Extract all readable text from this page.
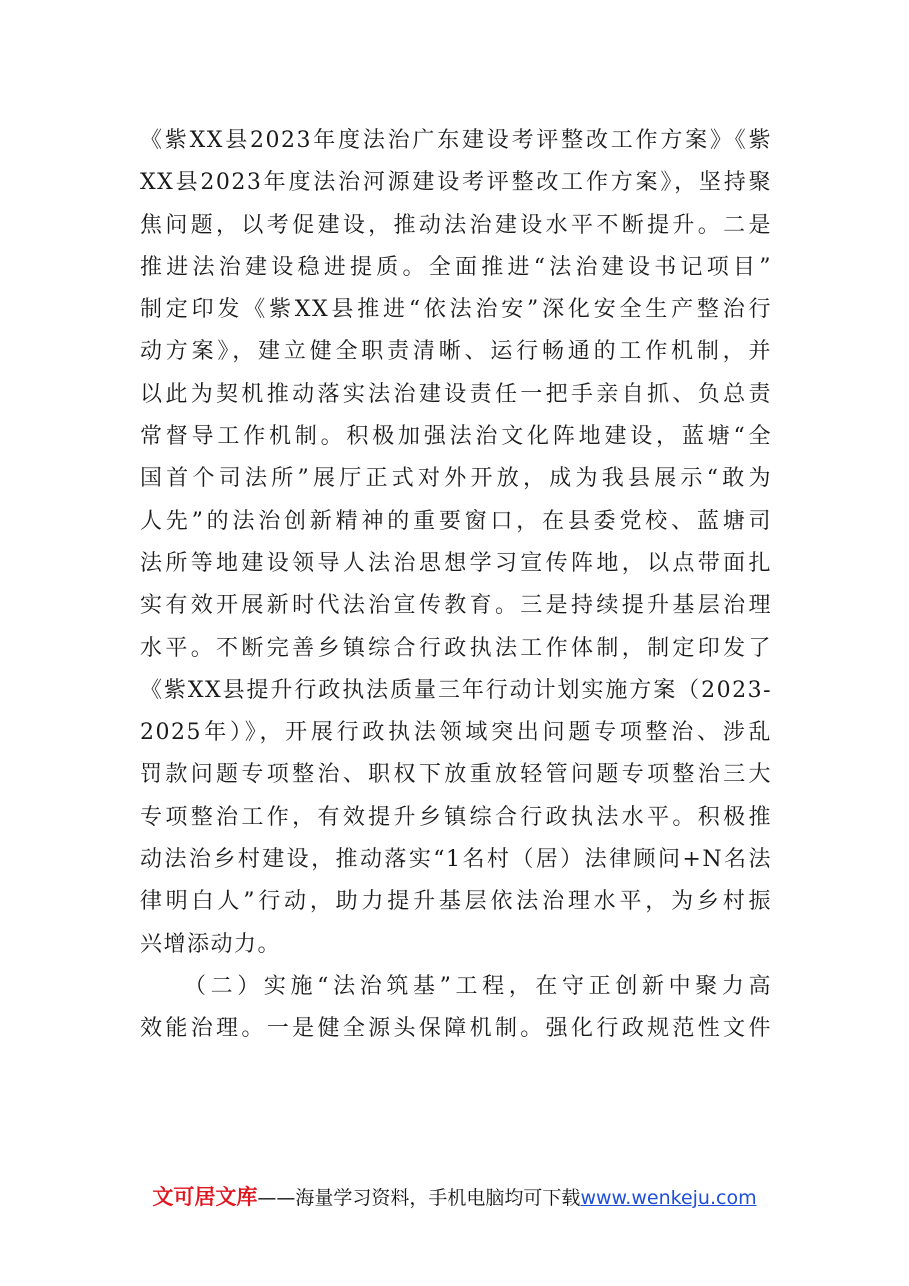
《紫XX县2023年度法治广东建设考评整改工作方案》《紫
XX县2023年度法治河源建设考评整改工作方案》，坚持聚
焦问题，以考促建设，推动法治建设水平不断提升。二是
推进法治建设稳进提质。全面推进“法治建设书记项目”
制定印发《紫XX县推进“依法治安”深化安全生产整治行
动方案》，建立健全职责清晰、运行畅通的工作机制，并
以此为契机推动落实法治建设责任一把手亲自抓、负总责
常督导工作机制。积极加强法治文化阵地建设，蓝塘“全
国首个司法所”展厅正式对外开放，成为我县展示“敢为
人先”的法治创新精神的重要窗口，在县委党校、蓝塘司
法所等地建设领导人法治思想学习宣传阵地，以点带面扎
实有效开展新时代法治宣传教育。三是持续提升基层治理
水平。不断完善乡镇综合行政执法工作体制，制定印发了
《紫XX县提升行政执法质量三年行动计划实施方案（2023-
2025年）》，开展行政执法领域突出问题专项整治、涉乱
罚款问题专项整治、职权下放重放轻管问题专项整治三大
专项整治工作，有效提升乡镇综合行政执法水平。积极推
动法治乡村建设，推动落实“1名村（居）法律顾问+N名法
律明白人”行动，助力提升基层依法治理水平，为乡村振
兴增添动力。
（二）实施“法治筑基”工程，在守正创新中聚力高
效能治理。一是健全源头保障机制。强化行政规范性文件
文可居文库——海量学习资料，手机电脑均可下载www.wenkeju.com
